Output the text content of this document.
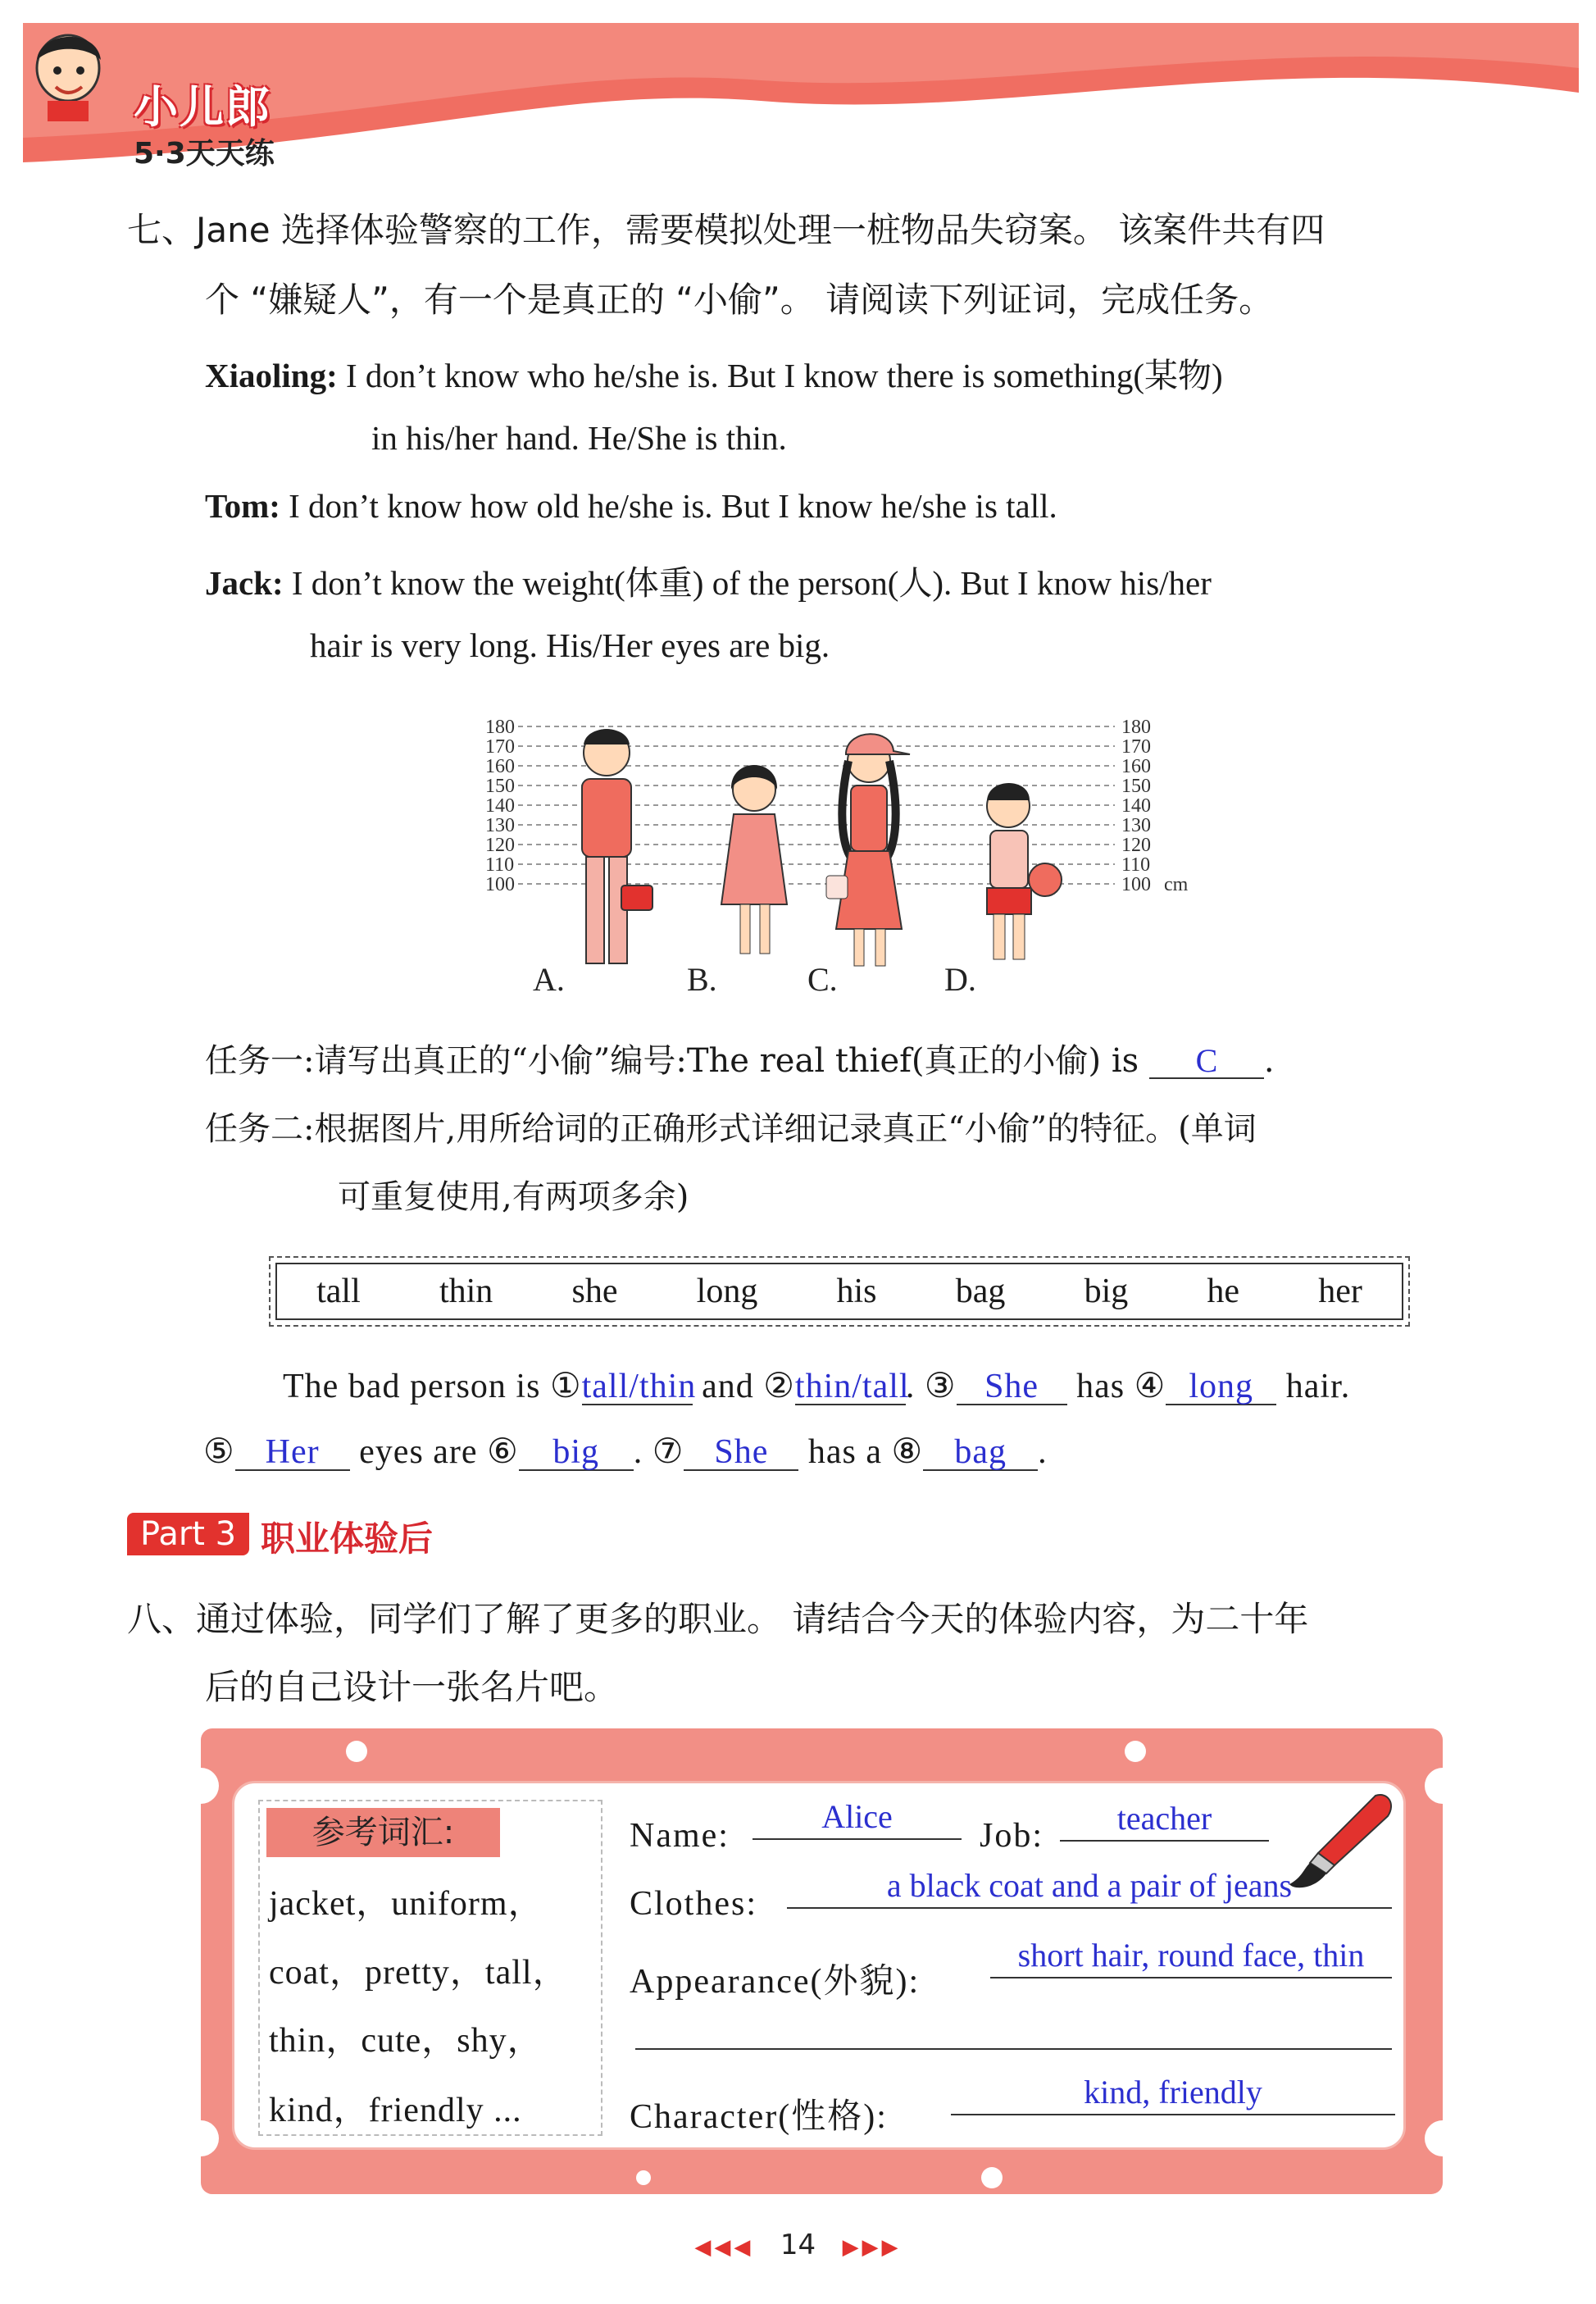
小儿郎
5·3天天练
七、Jane 选择体验警察的工作，需要模拟处理一桩物品失窃案。 该案件共有四
个 “嫌疑人”，有一个是真正的 “小偷”。 请阅读下列证词，完成任务。
Xiaoling: I don’t know who he/she is. But I know there is something(某物)
in his/her hand. He/She is thin.
Tom: I don’t know how old he/she is. But I know he/she is tall.
Jack: I don’t know the weight(体重) of the person(人). But I know his/her
hair is very long. His/Her eyes are big.
180	180
170	170
160	160
150	150
140	140
130	130
120	120
110	110
100	100 cm
A.	B.	C.	D.
任务一:请写出真正的“小偷”编号:The real thief(真正的小偷) is C .
任务二:根据图片,用所给词的正确形式详细记录真正“小偷”的特征。(单词
可重复使用,有两项多余)
tall thin she long his bag big he her
The bad person is ①tall/thin and ②thin/tall. ③ She has ④ long hair.
⑤ Her eyes are ⑥ big . ⑦ She has a ⑧ bag .
Part 3 职业体验后
八、通过体验，同学们了解了更多的职业。 请结合今天的体验内容，为二十年
后的自己设计一张名片吧。
参考词汇:
jacket，uniform，
coat，pretty，tall，
thin，cute，shy，
kind，friendly ...
Name:
Alice
Job:	teacher
Clothes:	a black coat and a pair of jeans
Appearance(外貌):
short hair, round face, thin
Character(性格):
kind, friendly
◀◀◀ 14 ▶▶▶
